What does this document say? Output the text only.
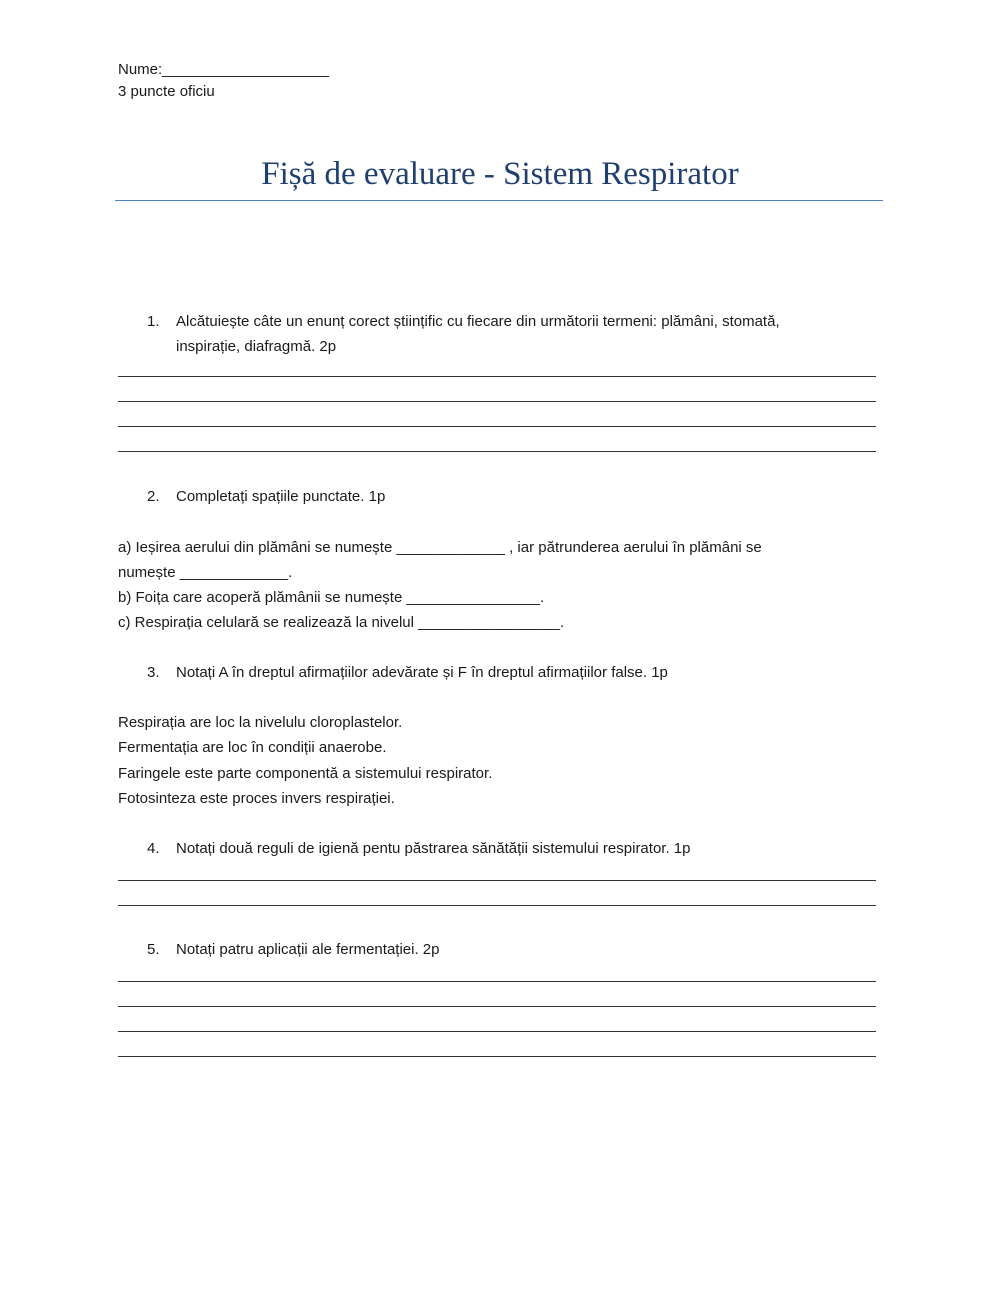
Nume:____________________
3 puncte oficiu
Fișă de evaluare - Sistem Respirator
1. Alcătuiește câte un enunț corect științific cu fiecare din următorii termeni: plămâni, stomată,
inspirație, diafragmă. 2p
2. Completați spațiile punctate. 1p
a) Ieșirea aerului din plămâni se numește _____________ , iar pătrunderea aerului în plămâni se
numește _____________.
b) Foița care acoperă plămânii se numește ________________.
c) Respirația celulară se realizează la nivelul _________________.
3. Notați A în dreptul afirmațiilor adevărate și F în dreptul afirmațiilor false. 1p
Respirația are loc la nivelulu cloroplastelor.
Fermentația are loc în condiții anaerobe.
Faringele este parte componentă a sistemului respirator.
Fotosinteza este proces invers respirației.
4. Notați două reguli de igienă pentu păstrarea sănătății sistemului respirator. 1p
5. Notați patru aplicații ale fermentației. 2p
